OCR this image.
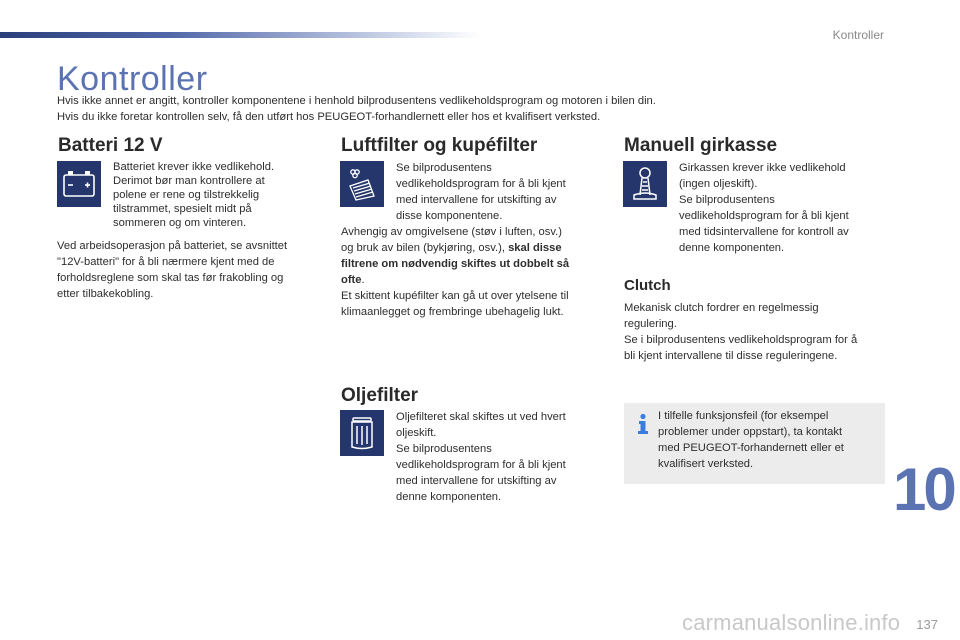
Kontroller
Kontroller

Hvis ikke annet er angitt, kontroller komponentene i henhold bilprodusentens vedlikeholdsprogram og motoren i bilen din.

Hvis du ikke foretar kontrollen selv, få den utført hos PEUGEOT-forhandlernett eller hos et kvalifisert verksted.

Batteri 12 V

Batteriet krever ikke vedlikehold.

Derimot bør man kontrollere at

polene er rene og tilstrekkelig

tilstrammet, spesielt midt på

sommeren og om vinteren.

Ved arbeidsoperasjon på batteriet, se avsnittet

"12V-batteri" for å bli nærmere kjent med de

forholdsreglene som skal tas før frakobling og

etter tilbakekobling.

Luftfilter og kupéfilter

Se bilprodusentens

vedlikeholdsprogram for å bli kjent

med intervallene for utskifting av

disse komponentene.

Avhengig av omgivelsene (støv i luften, osv.)

og bruk av bilen (bykjøring, osv.), skal disse

filtrene om nødvendig skiftes ut dobbelt så

ofte.

Et skittent kupéfilter kan gå ut over ytelsene til

klimaanlegget og frembringe ubehagelig lukt.

Oljefilter

Oljefilteret skal skiftes ut ved hvert

oljeskift.

Se bilprodusentens

vedlikeholdsprogram for å bli kjent

med intervallene for utskifting av

denne komponenten.

Manuell girkasse

Girkassen krever ikke vedlikehold

(ingen oljeskift).

Se bilprodusentens

vedlikeholdsprogram for å bli kjent

med tidsintervallene for kontroll av

denne komponenten.

Clutch

Mekanisk clutch fordrer en regelmessig

regulering.

Se i bilprodusentens vedlikeholdsprogram for å

bli kjent intervallene til disse reguleringene.

I tilfelle funksjonsfeil (for eksempel

problemer under oppstart), ta kontakt

med PEUGEOT-forhandernett eller et

kvalifisert verksted.	10
137
carmanualsonline.info
